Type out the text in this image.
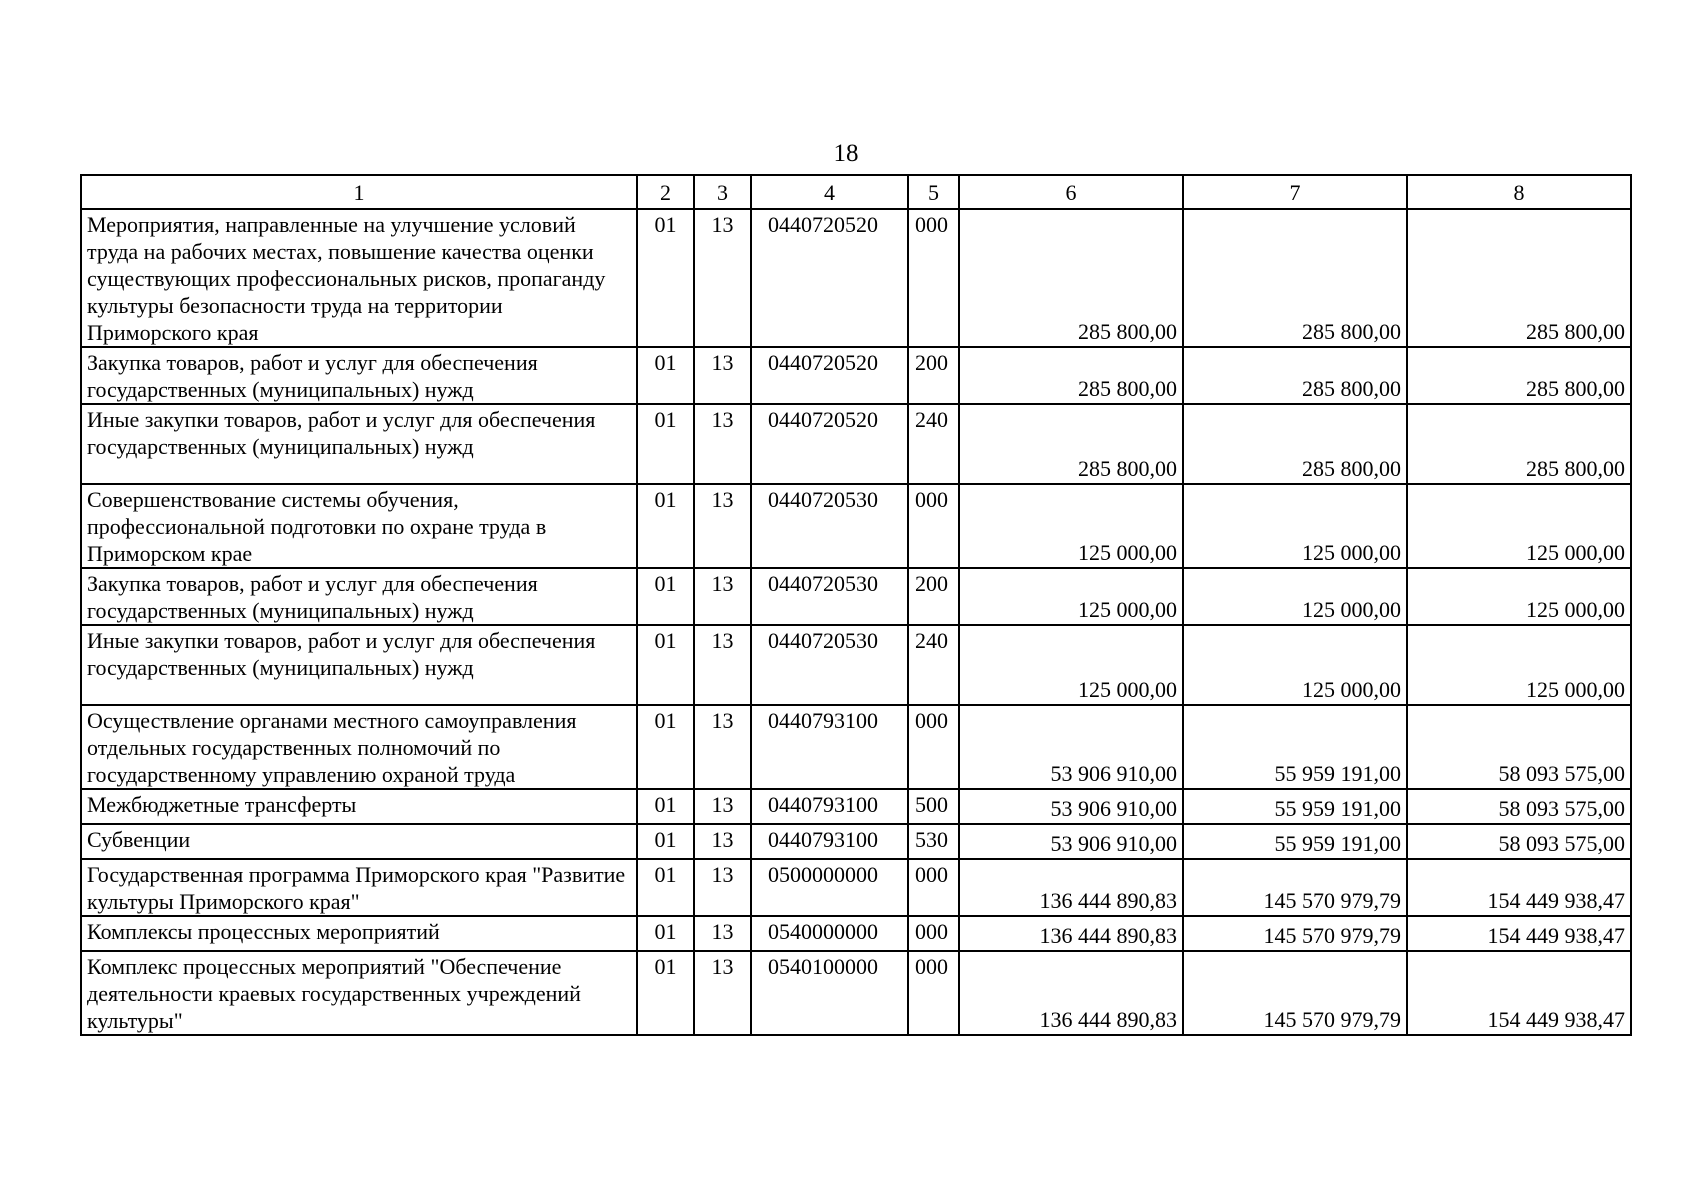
18
1	2	3	4	5	6	7	8
Мероприятия, направленные на улучшение условий труда на рабочих местах, повышение качества оценки существующих профессиональных рисков, пропаганду культуры безопасности труда на территории Приморского края	01	13	0440720520	000	285 800,00	285 800,00	285 800,00
Закупка товаров, работ и услуг для обеспечения государственных (муниципальных) нужд	01	13	0440720520	200	285 800,00	285 800,00	285 800,00
Иные закупки товаров, работ и услуг для обеспечения государственных (муниципальных) нужд	01	13	0440720520	240	285 800,00	285 800,00	285 800,00
Совершенствование системы обучения, профессиональной подготовки по охране труда в Приморском крае	01	13	0440720530	000	125 000,00	125 000,00	125 000,00
Закупка товаров, работ и услуг для обеспечения государственных (муниципальных) нужд	01	13	0440720530	200	125 000,00	125 000,00	125 000,00
Иные закупки товаров, работ и услуг для обеспечения государственных (муниципальных) нужд	01	13	0440720530	240	125 000,00	125 000,00	125 000,00
Осуществление органами местного самоуправления отдельных государственных полномочий по государственному управлению охраной труда	01	13	0440793100	000	53 906 910,00	55 959 191,00	58 093 575,00
Межбюджетные трансферты	01	13	0440793100	500	53 906 910,00	55 959 191,00	58 093 575,00
Субвенции	01	13	0440793100	530	53 906 910,00	55 959 191,00	58 093 575,00
Государственная программа Приморского края "Развитие культуры Приморского края"	01	13	0500000000	000	136 444 890,83	145 570 979,79	154 449 938,47
Комплексы процессных мероприятий	01	13	0540000000	000	136 444 890,83	145 570 979,79	154 449 938,47
Комплекс процессных мероприятий "Обеспечение деятельности краевых государственных учреждений культуры"	01	13	0540100000	000	136 444 890,83	145 570 979,79	154 449 938,47
